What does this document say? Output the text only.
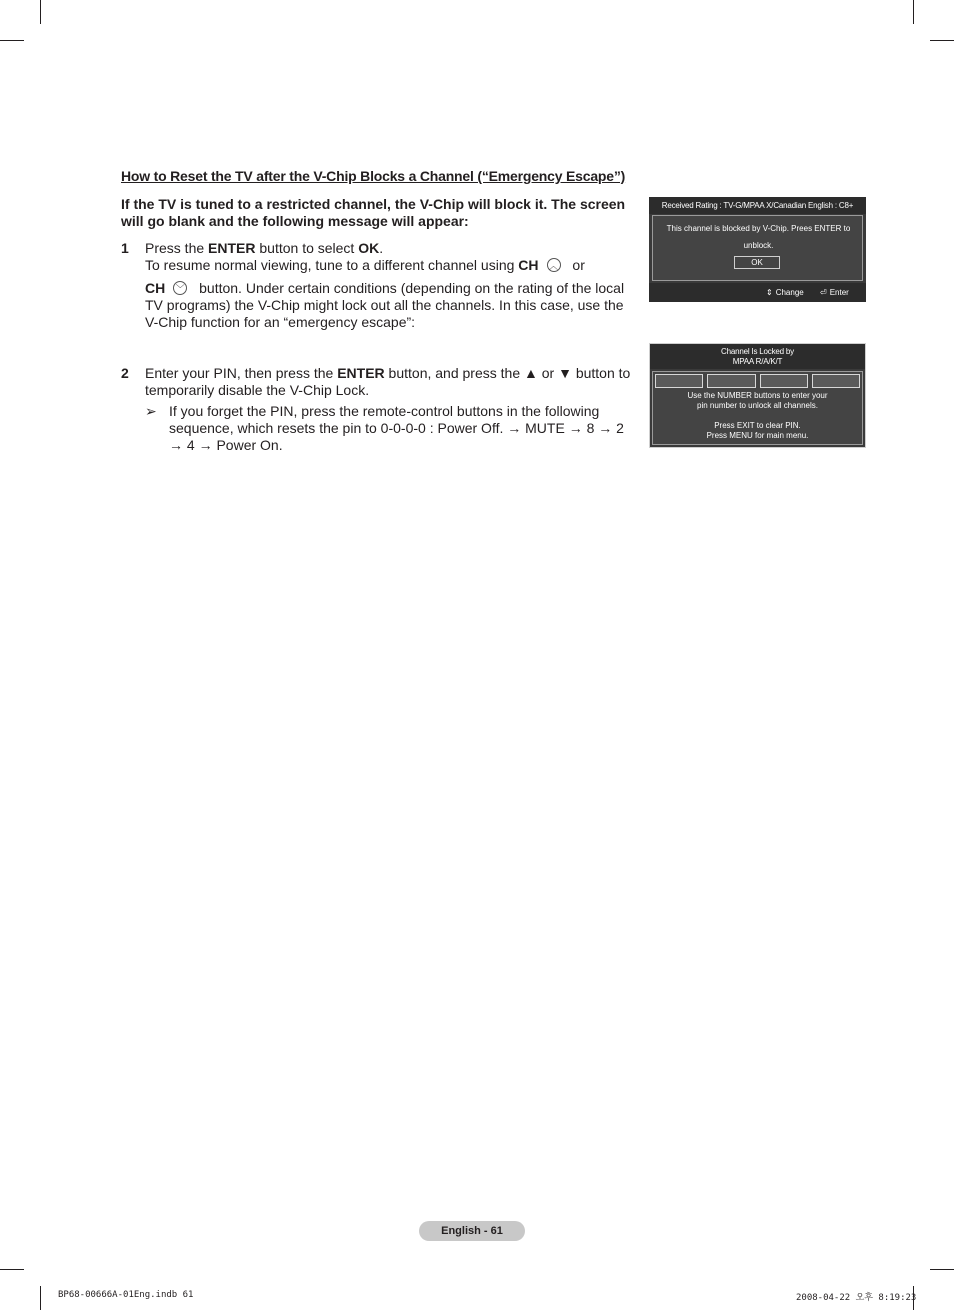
How to Reset the TV after the V-Chip Blocks a Channel (“Emergency Escape”)
If the TV is tuned to a restricted channel, the V-Chip will block it. The screen will go blank and the following message will appear:
1 Press the ENTER button to select OK.

To resume normal viewing, tune to a different channel using CH ︿ or

CH ﹀ button. Under certain conditions (depending on the rating of the local TV programs) the V-Chip might lock out all the channels. In this case, use the V-Chip function for an “emergency escape”:

2 Enter your PIN, then press the ENTER button, and press the ▲ or ▼ button to temporarily disable the V-Chip Lock.

➢ If you forget the PIN, press the remote-control buttons in the following sequence, which resets the pin to 0-0-0-0 : Power Off. → MUTE → 8 → 2 → 4 → Power On.

Received Rating : TV-G/MPAA X/Canadian English : C8+
This channel is blocked by V-Chip. Prees ENTER to unblock.
OK
⇕ Change ⏎ Enter
Channel Is Locked by
MPAA R/A/K/T

Use the NUMBER buttons to enter your

pin number to unlock all channels.

Press EXIT to clear PIN.

Press MENU for main menu.

English - 61
BP68-00666A-01Eng.indb 61	2008-04-22 오후 8:19:23
